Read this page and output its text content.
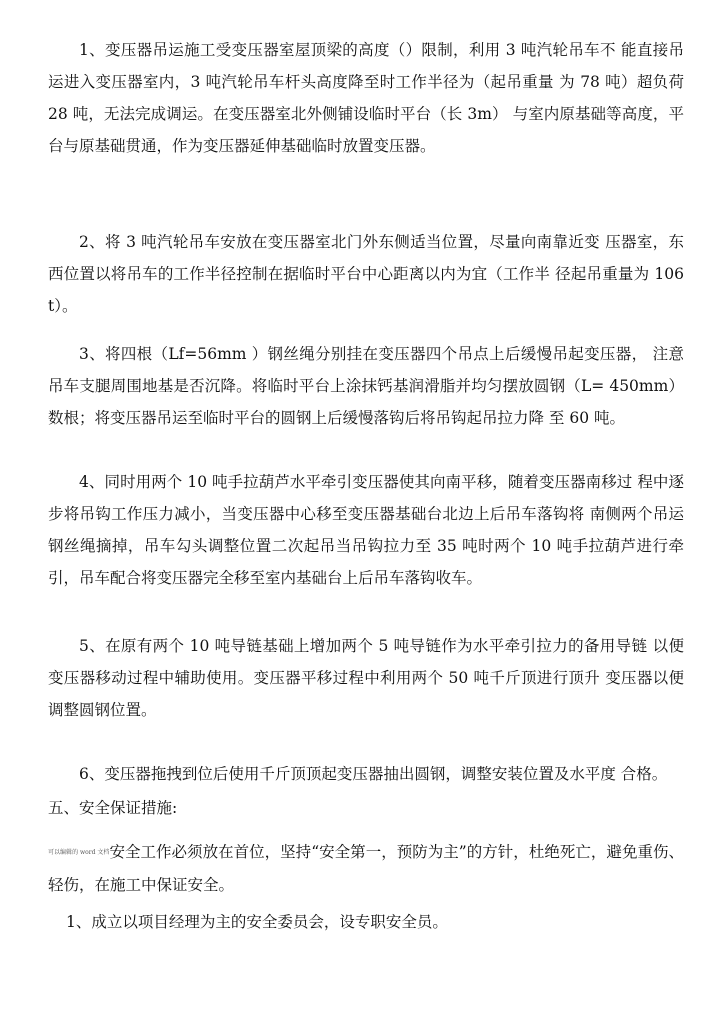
1、变压器吊运施工受变压器室屋顶梁的高度（）限制，利用 3 吨汽轮吊车不 能直接吊运进入变压器室内，3 吨汽轮吊车杆头高度降至时工作半径为（起吊重量 为 78 吨）超负荷 28 吨，无法完成调运。在变压器室北外侧铺设临时平台（长 3m） 与室内原基础等高度，平台与原基础贯通，作为变压器延伸基础临时放置变压器。

2、将 3 吨汽轮吊车安放在变压器室北门外东侧适当位置，尽量向南靠近变 压器室，东西位置以将吊车的工作半径控制在据临时平台中心距离以内为宜（工作半 径起吊重量为 106t）。

3、将四根（Lf=56mm ）钢丝绳分别挂在变压器四个吊点上后缓慢吊起变压器， 注意吊车支腿周围地基是否沉降。将临时平台上涂抹钙基润滑脂并均匀摆放圆钢（L= 450mm）数根；将变压器吊运至临时平台的圆钢上后缓慢落钩后将吊钩起吊拉力降 至 60 吨。

4、同时用两个 10 吨手拉葫芦水平牵引变压器使其向南平移，随着变压器南移过 程中逐步将吊钩工作压力减小，当变压器中心移至变压器基础台北边上后吊车落钩将 南侧两个吊运钢丝绳摘掉，吊车勾头调整位置二次起吊当吊钩拉力至 35 吨时两个 10 吨手拉葫芦进行牵引，吊车配合将变压器完全移至室内基础台上后吊车落钩收车。

5、在原有两个 10 吨导链基础上增加两个 5 吨导链作为水平牵引拉力的备用导链 以便变压器移动过程中辅助使用。变压器平移过程中利用两个 50 吨千斤顶进行顶升 变压器以便调整圆钢位置。

6、变压器拖拽到位后使用千斤顶顶起变压器抽出圆钢，调整安装位置及水平度 合格。

五、安全保证措施:

可以编辑的 word 文档安全工作必须放在首位，坚持“安全第一，预防为主”的方针，杜绝死亡，避免重伤、轻伤，在施工中保证安全。

1、成立以项目经理为主的安全委员会，设专职安全员。
